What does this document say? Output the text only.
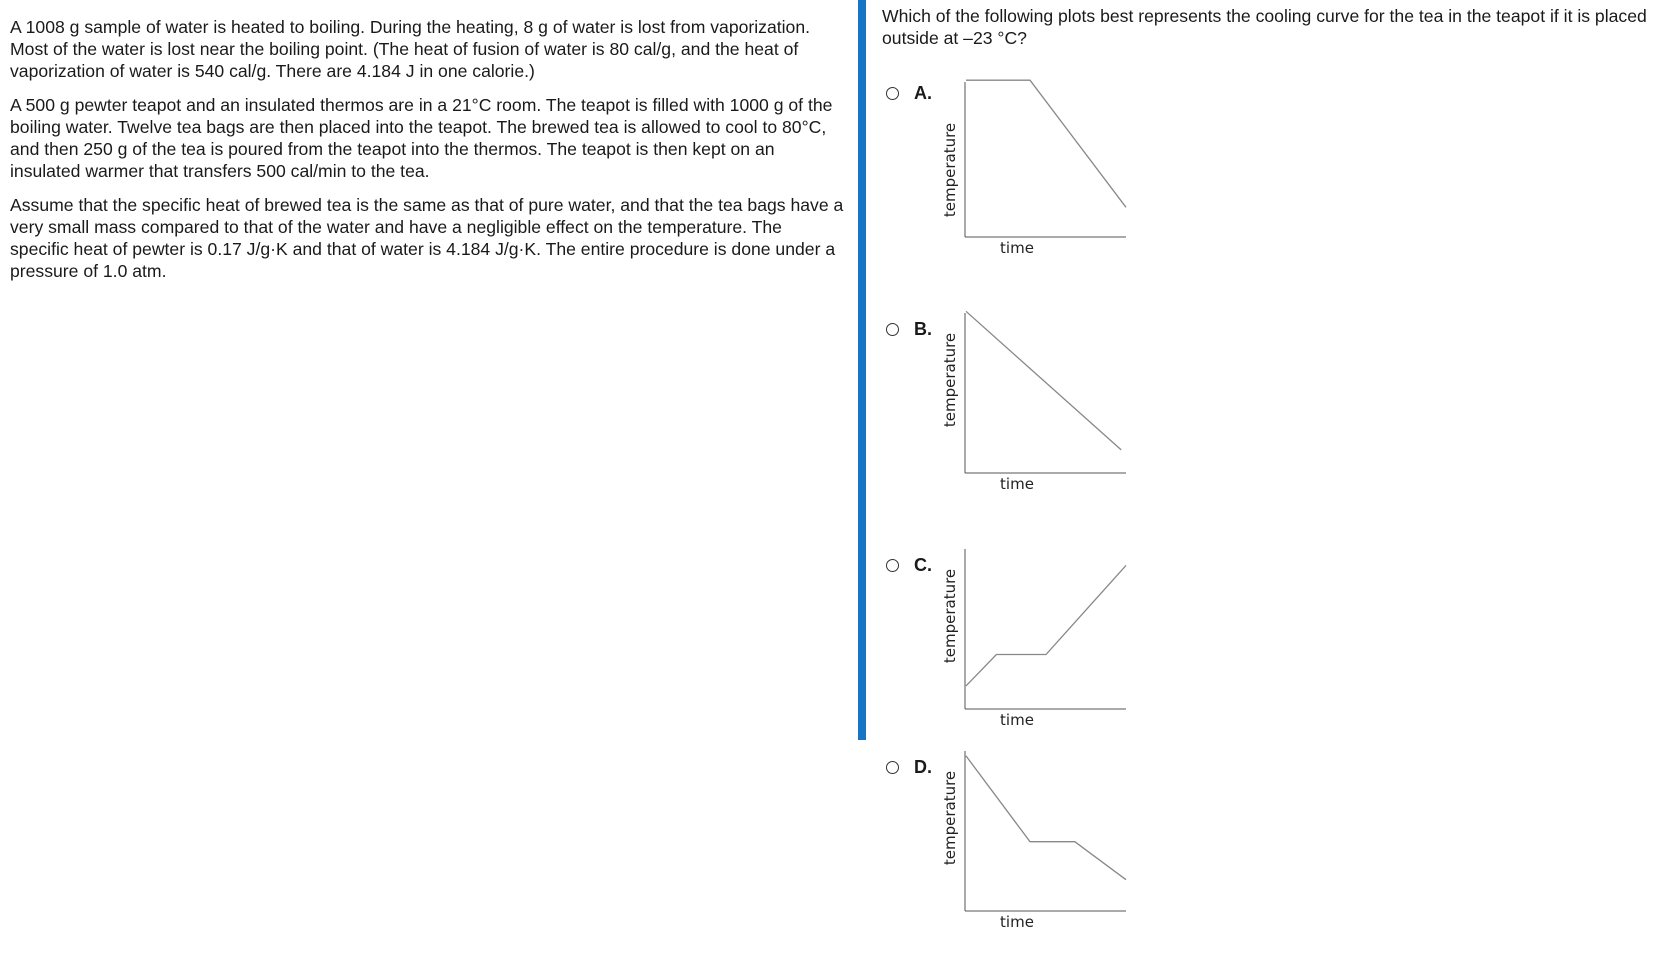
A 1008 g sample of water is heated to boiling. During the heating, 8 g of water is lost from vaporization. Most of the water is lost near the boiling point. (The heat of fusion of water is 80 cal/g, and the heat of vaporization of water is 540 cal/g. There are 4.184 J in one calorie.)

A 500 g pewter teapot and an insulated thermos are in a 21°C room. The teapot is filled with 1000 g of the boiling water. Twelve tea bags are then placed into the teapot. The brewed tea is allowed to cool to 80°C, and then 250 g of the tea is poured from the teapot into the thermos. The teapot is then kept on an insulated warmer that transfers 500 cal/min to the tea.

Assume that the specific heat of brewed tea is the same as that of pure water, and that the tea bags have a very small mass compared to that of the water and have a negligible effect on the temperature. The specific heat of pewter is 0.17 J/g·K and that of water is 4.184 J/g·K. The entire procedure is done under a pressure of 1.0 atm.

Which of the following plots best represents the cooling curve for the tea in the teapot if it is placed outside at –23 °C?
A.
temperature
time
B.
temperature
time
C.
temperature
time
D.
temperature
time
